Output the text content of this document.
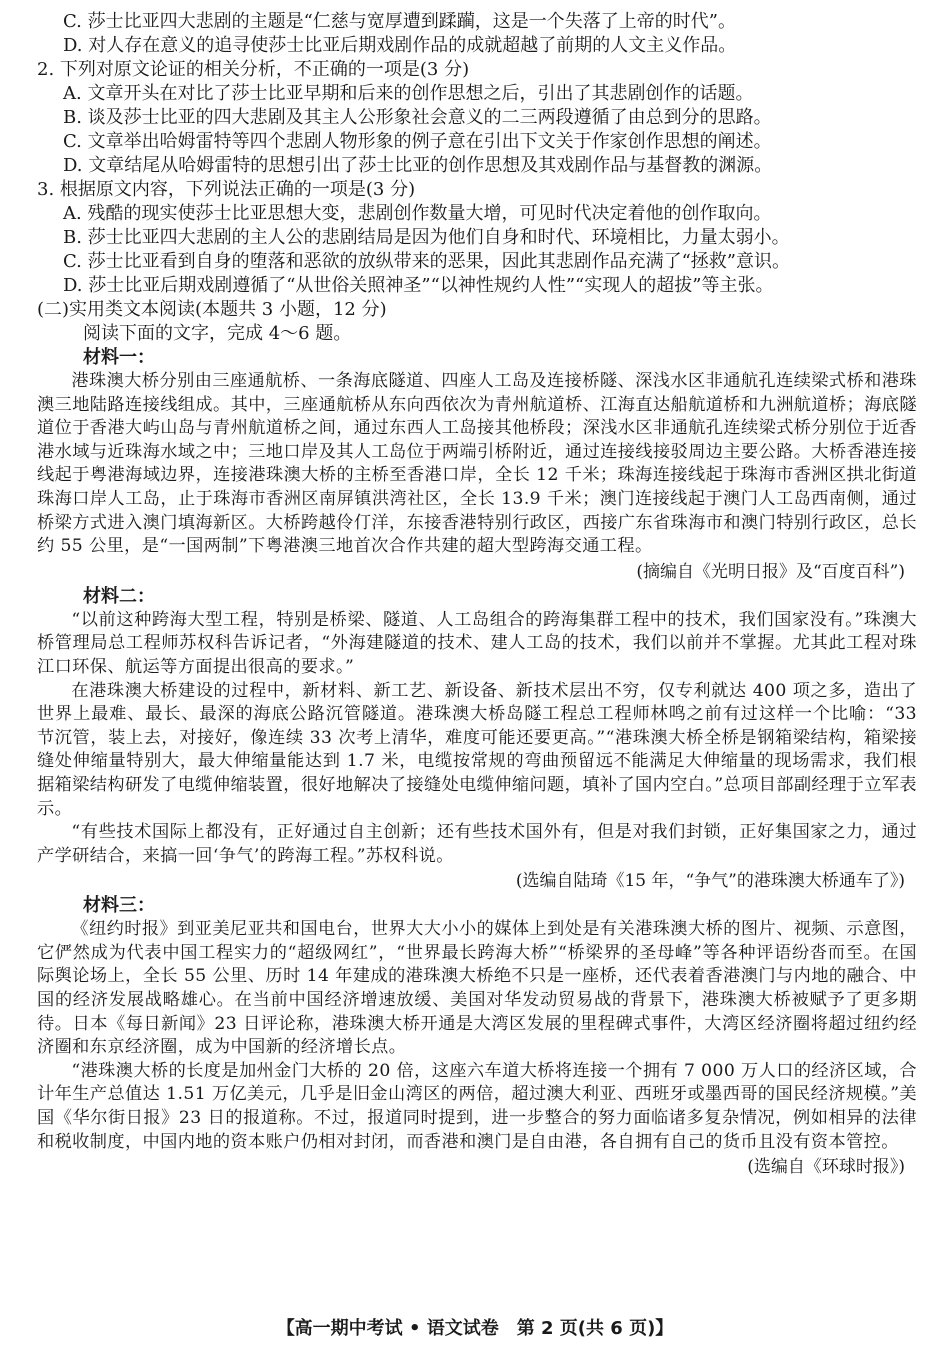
C. 莎士比亚四大悲剧的主题是“仁慈与宽厚遭到蹂躏，这是一个失落了上帝的时代”。
D. 对人存在意义的追寻使莎士比亚后期戏剧作品的成就超越了前期的人文主义作品。
2. 下列对原文论证的相关分析，不正确的一项是(3 分)
A. 文章开头在对比了莎士比亚早期和后来的创作思想之后，引出了其悲剧创作的话题。
B. 谈及莎士比亚的四大悲剧及其主人公形象社会意义的二三两段遵循了由总到分的思路。
C. 文章举出哈姆雷特等四个悲剧人物形象的例子意在引出下文关于作家创作思想的阐述。
D. 文章结尾从哈姆雷特的思想引出了莎士比亚的创作思想及其戏剧作品与基督教的渊源。
3. 根据原文内容，下列说法正确的一项是(3 分)
A. 残酷的现实使莎士比亚思想大变，悲剧创作数量大增，可见时代决定着他的创作取向。
B. 莎士比亚四大悲剧的主人公的悲剧结局是因为他们自身和时代、环境相比，力量太弱小。
C. 莎士比亚看到自身的堕落和恶欲的放纵带来的恶果，因此其悲剧作品充满了“拯救”意识。
D. 莎士比亚后期戏剧遵循了“从世俗关照神圣”“以神性规约人性”“实现人的超拔”等主张。
(二)实用类文本阅读(本题共 3 小题，12 分)
阅读下面的文字，完成 4～6 题。
材料一：

港珠澳大桥分别由三座通航桥、一条海底隧道、四座人工岛及连接桥隧、深浅水区非通航孔连续梁式桥和港珠澳三地陆路连接线组成。其中，三座通航桥从东向西依次为青州航道桥、江海直达船航道桥和九洲航道桥；海底隧道位于香港大屿山岛与青州航道桥之间，通过东西人工岛接其他桥段；深浅水区非通航孔连续梁式桥分别位于近香港水域与近珠海水域之中；三地口岸及其人工岛位于两端引桥附近，通过连接线接驳周边主要公路。大桥香港连接线起于粤港海域边界，连接港珠澳大桥的主桥至香港口岸，全长 12 千米；珠海连接线起于珠海市香洲区拱北街道珠海口岸人工岛，止于珠海市香洲区南屏镇洪湾社区，全长 13.9 千米；澳门连接线起于澳门人工岛西南侧，通过桥梁方式进入澳门填海新区。大桥跨越伶仃洋，东接香港特别行政区，西接广东省珠海市和澳门特别行政区，总长约 55 公里，是“一国两制”下粤港澳三地首次合作共建的超大型跨海交通工程。

(摘编自《光明日报》及“百度百科”)
材料二：

“以前这种跨海大型工程，特别是桥梁、隧道、人工岛组合的跨海集群工程中的技术，我们国家没有。”珠澳大桥管理局总工程师苏权科告诉记者，“外海建隧道的技术、建人工岛的技术，我们以前并不掌握。尤其此工程对珠江口环保、航运等方面提出很高的要求。”

在港珠澳大桥建设的过程中，新材料、新工艺、新设备、新技术层出不穷，仅专利就达 400 项之多，造出了世界上最难、最长、最深的海底公路沉管隧道。港珠澳大桥岛隧工程总工程师林鸣之前有过这样一个比喻：“33 节沉管，装上去，对接好，像连续 33 次考上清华，难度可能还要更高。”“港珠澳大桥全桥是钢箱梁结构，箱梁接缝处伸缩量特别大，最大伸缩量能达到 1.7 米，电缆按常规的弯曲预留远不能满足大伸缩量的现场需求，我们根据箱梁结构研发了电缆伸缩装置，很好地解决了接缝处电缆伸缩问题，填补了国内空白。”总项目部副经理于立军表示。

“有些技术国际上都没有，正好通过自主创新；还有些技术国外有，但是对我们封锁，正好集国家之力，通过产学研结合，来搞一回‘争气’的跨海工程。”苏权科说。

(选编自陆琦《15 年，“争气”的港珠澳大桥通车了》)
材料三：

《纽约时报》到亚美尼亚共和国电台，世界大大小小的媒体上到处是有关港珠澳大桥的图片、视频、示意图，它俨然成为代表中国工程实力的“超级网红”，“世界最长跨海大桥”“桥梁界的圣母峰”等各种评语纷沓而至。在国际舆论场上，全长 55 公里、历时 14 年建成的港珠澳大桥绝不只是一座桥，还代表着香港澳门与内地的融合、中国的经济发展战略雄心。在当前中国经济增速放缓、美国对华发动贸易战的背景下，港珠澳大桥被赋予了更多期待。日本《每日新闻》23 日评论称，港珠澳大桥开通是大湾区发展的里程碑式事件，大湾区经济圈将超过纽约经济圈和东京经济圈，成为中国新的经济增长点。

“港珠澳大桥的长度是加州金门大桥的 20 倍，这座六车道大桥将连接一个拥有 7 000 万人口的经济区域，合计年生产总值达 1.51 万亿美元，几乎是旧金山湾区的两倍，超过澳大利亚、西班牙或墨西哥的国民经济规模。”美国《华尔街日报》23 日的报道称。不过，报道同时提到，进一步整合的努力面临诸多复杂情况，例如相异的法律和税收制度，中国内地的资本账户仍相对封闭，而香港和澳门是自由港，各自拥有自己的货币且没有资本管控。

(选编自《环球时报》)
【高一期中考试 • 语文试卷　第 2 页(共 6 页)】
